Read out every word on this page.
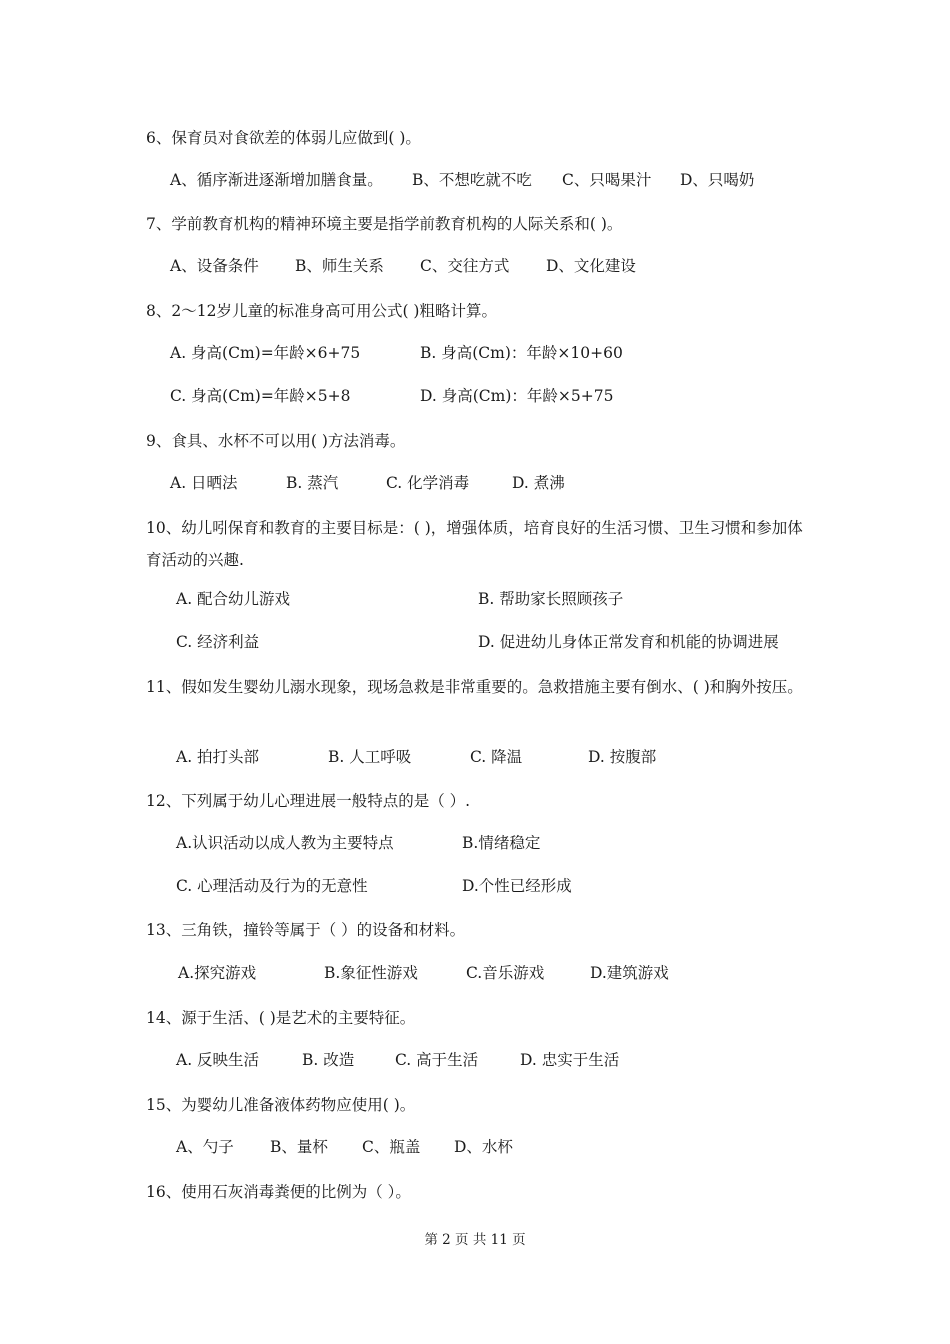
6、保育员对食欲差的体弱儿应做到( )。
A、循序渐进逐渐增加膳食量。 B、不想吃就不吃 C、只喝果汁 D、只喝奶
7、学前教育机构的精神环境主要是指学前教育机构的人际关系和( )。
A、设备条件 B、师生关系 C、交往方式 D、文化建设
8、2～12岁儿童的标准身高可用公式( )粗略计算。
A. 身高(Cm)=年龄×6+75	B. 身高(Cm)：年龄×10+60
C. 身高(Cm)=年龄×5+8	D. 身高(Cm)：年龄×5+75
9、食具、水杯不可以用( )方法消毒。
A. 日晒法	B. 蒸汽	C. 化学消毒	D. 煮沸
10、幼儿吲保育和教育的主要目标是：( )，增强体质，培育良好的生活习惯、卫生习惯和参加体育活动的兴趣.
A. 配合幼儿游戏	B. 帮助家长照顾孩子
C. 经济利益	D. 促进幼儿身体正常发育和机能的协调进展
11、假如发生婴幼儿溺水现象，现场急救是非常重要的。急救措施主要有倒水、( )和胸外按压。
A. 拍打头部	B. 人工呼吸	C. 降温	D. 按腹部
12、下列属于幼儿心理进展一般特点的是（ ）.
A.认识活动以成人教为主要特点	B.情绪稳定
C. 心理活动及行为的无意性	D.个性已经形成
13、三角铁，撞铃等属于（ ）的设备和材料。
A.探究游戏	B.象征性游戏	C.音乐游戏	D.建筑游戏
14、源于生活、( )是艺术的主要特征。
A. 反映生活	B. 改造	C. 高于生活	D. 忠实于生活
15、为婴幼儿准备液体药物应使用( )。
A、勺子 B、量杯 C、瓶盖 D、水杯
16、使用石灰消毒粪便的比例为（ ）。
第 2 页 共 11 页
